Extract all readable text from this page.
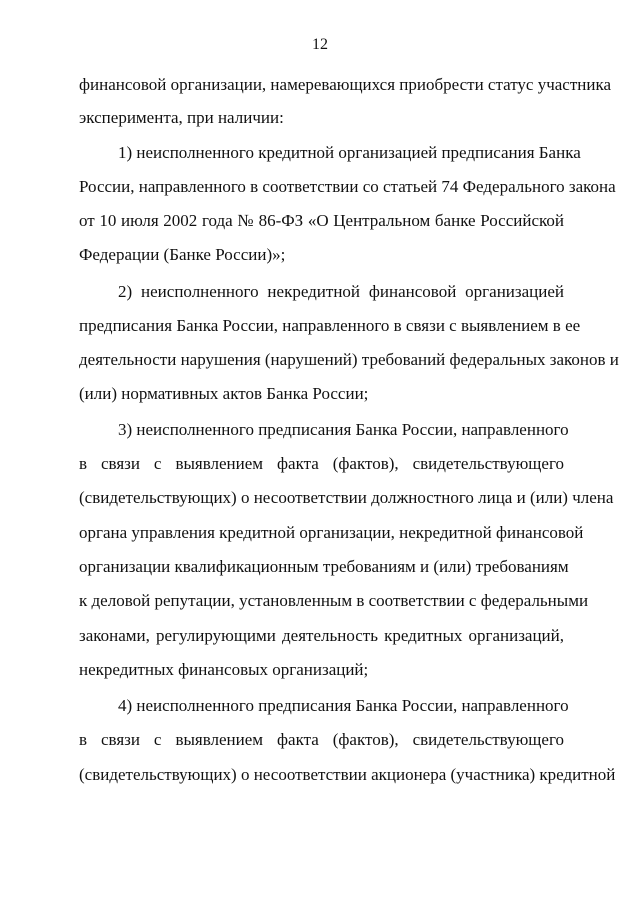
12
финансовой организации, намеревающихся приобрести статус участника
эксперимента, при наличии:
1) неисполненного кредитной организацией предписания Банка
России, направленного в соответствии со статьей 74 Федерального закона
от 10 июля 2002 года № 86-ФЗ «О Центральном банке Российской
Федерации (Банке России)»;
2) неисполненного некредитной финансовой организацией
предписания Банка России, направленного в связи с выявлением в ее
деятельности нарушения (нарушений) требований федеральных законов и
(или) нормативных актов Банка России;
3) неисполненного предписания Банка России, направленного
в связи с выявлением факта (фактов), свидетельствующего
(свидетельствующих) о несоответствии должностного лица и (или) члена
органа управления кредитной организации, некредитной финансовой
организации квалификационным требованиям и (или) требованиям
к деловой репутации, установленным в соответствии с федеральными
законами, регулирующими деятельность кредитных организаций,
некредитных финансовых организаций;
4) неисполненного предписания Банка России, направленного
в связи с выявлением факта (фактов), свидетельствующего
(свидетельствующих) о несоответствии акционера (участника) кредитной
